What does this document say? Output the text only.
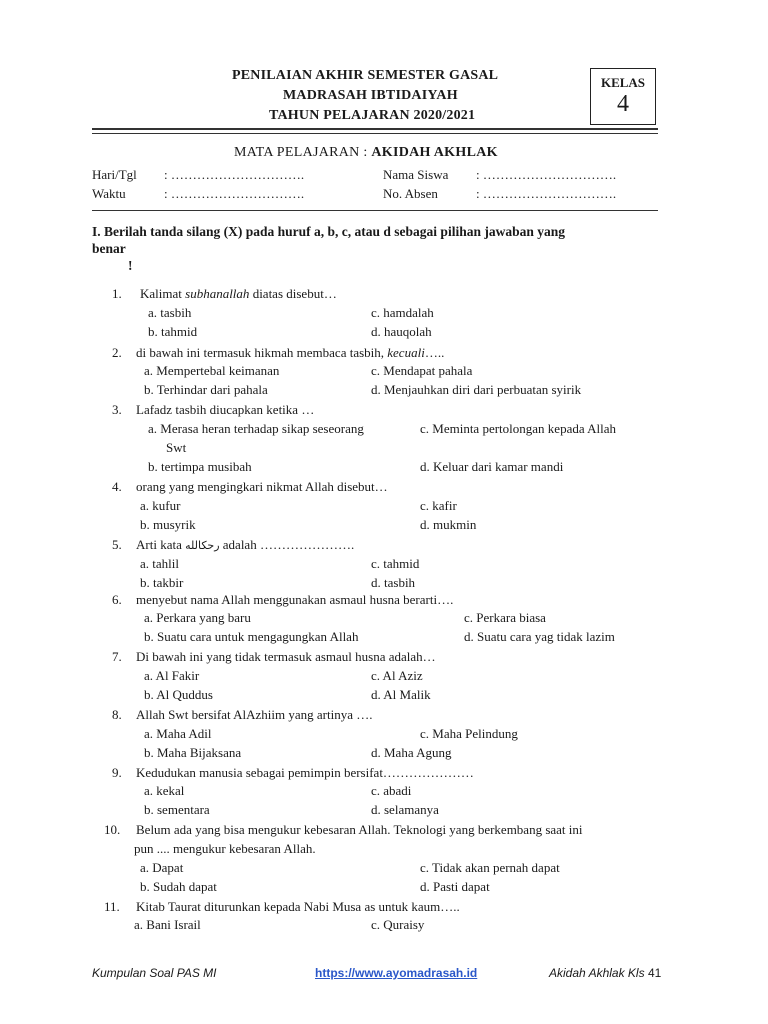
PENILAIAN AKHIR SEMESTER GASAL
MADRASAH IBTIDAIYAH
TAHUN PELAJARAN 2020/2021
KELAS
4
MATA PELAJARAN : AKIDAH AKHLAK
Hari/Tgl : ………………………….
Waktu	: ………………………….
Nama Siswa : ………………………….
No. Absen	: ………………………….
I. Berilah tanda silang (X) pada huruf a, b, c, atau d sebagai pilihan jawaban yang
benar
!
1. Kalimat subhanallah diatas disebut…
a. tasbih
b. tahmid
c. hamdalah
d. hauqolah
2. di bawah ini termasuk hikmah membaca tasbih, kecuali…..
a. Mempertebal keimanan
b. Terhindar dari pahala
c. Mendapat pahala
d. Menjauhkan diri dari perbuatan syirik
3. Lafadz tasbih diucapkan ketika …
a. Merasa heran terhadap sikap seseorang	c. Meminta pertolongan kepada Allah
Swt
b. tertimpa musibah	d. Keluar dari kamar mandi
4. orang yang mengingkari nikmat Allah disebut…
a. kufur
b. musyrik
c. kafir
d. mukmin
5. Arti kata رحكالله adalah ………………….
a. tahlil
b. takbir
c. tahmid
d. tasbih
6. menyebut nama Allah menggunakan asmaul husna berarti….
a. Perkara yang baru
b. Suatu cara untuk mengagungkan Allah
c. Perkara biasa
d. Suatu cara yag tidak lazim
7. Di bawah ini yang tidak termasuk asmaul husna adalah…
a. Al Fakir
b. Al Quddus
c. Al Aziz
d. Al Malik
8. Allah Swt bersifat AlAzhiim yang artinya ….
a. Maha Adil
b. Maha Bijaksana
c. Maha Pelindung
d. Maha Agung
9. Kedudukan manusia sebagai pemimpin bersifat…………………
a. kekal
b. sementara
c. abadi
d. selamanya
10. Belum ada yang bisa mengukur kebesaran Allah. Teknologi yang berkembang saat ini
pun .... mengukur kebesaran Allah.
a. Dapat
b. Sudah dapat
c. Tidak akan pernah dapat
d. Pasti dapat
11. Kitab Taurat diturunkan kepada Nabi Musa as untuk kaum…..
a. Bani Israil	c. Quraisy
Kumpulan Soal PAS MI	https://www.ayomadrasah.id	Akidah Akhlak Kls 41
